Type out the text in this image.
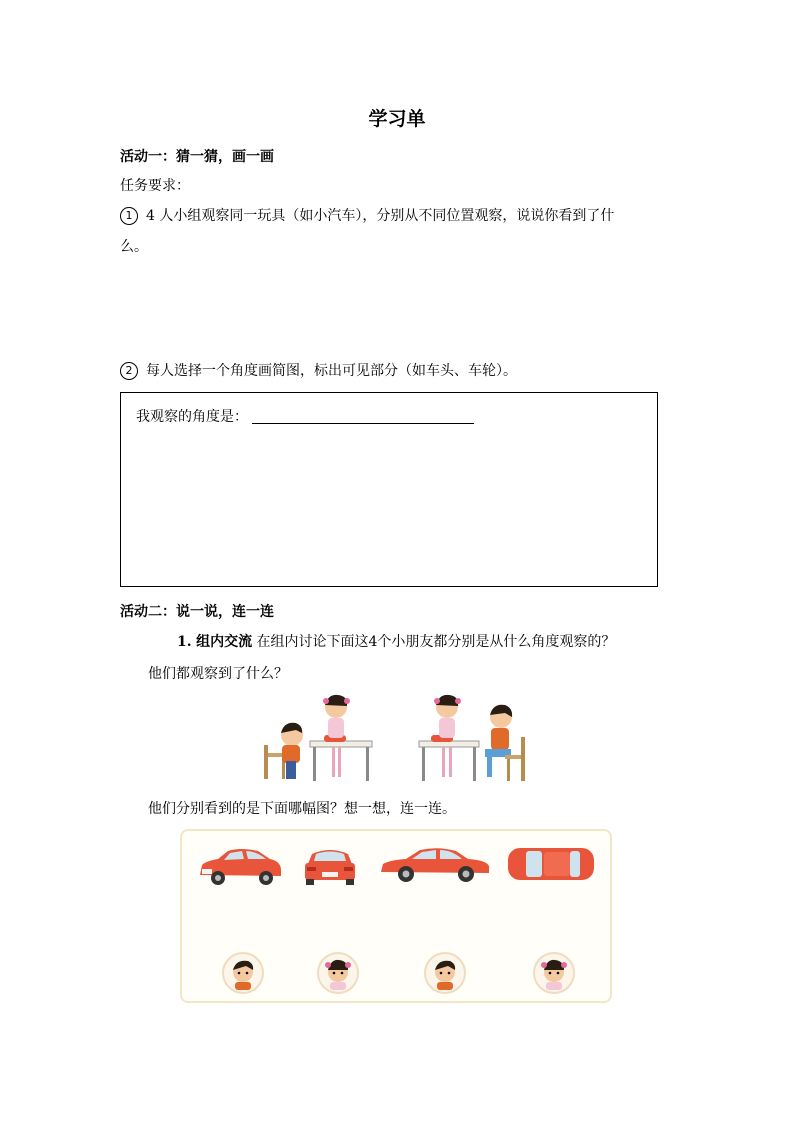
学习单
活动一：猜一猜，画一画
任务要求：
1 4 人小组观察同一玩具（如小汽车），分别从不同位置观察，说说你看到了什
么。
2 每人选择一个角度画简图，标出可见部分（如车头、车轮）。
我观察的角度是：
活动二：说一说，连一连
1. 组内交流 在组内讨论下面这4个小朋友都分别是从什么角度观察的？
他们都观察到了什么？
他们分别看到的是下面哪幅图？想一想，连一连。
